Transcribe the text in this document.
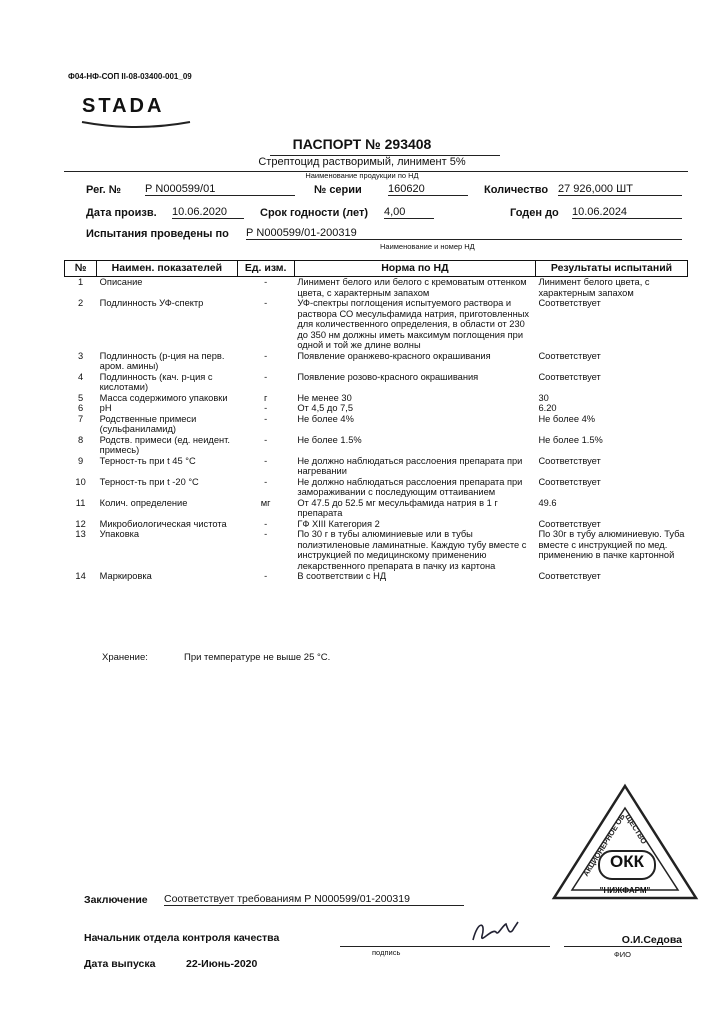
Ф04-НФ-СОП II-08-03400-001_09
STADA
ПАСПОРТ № 293408
Стрептоцид растворимый, линимент 5%
Наименование продукции по НД
Рег. № Р N000599/01	№ серии 160620	Количество 27 926,000 ШТ
Дата произв. 10.06.2020	Срок годности (лет) 4,00	Годен до 10.06.2024
Испытания проведены по Р N000599/01-200319
Наименование и номер НД
№	Наимен. показателей	Ед. изм.	Норма по НД	Результаты испытаний
1	Описание	-	Линимент белого или белого с кремоватым оттенком цвета, с характерным запахом	Линимент белого цвета, с характерным запахом
2	Подлинность УФ-спектр	-	УФ-спектры поглощения испытуемого раствора и раствора СО месульфамида натрия, приготовленных для количественного определения, в области от 230 до 350 нм должны иметь максимум поглощения при одной и той же длине волны	Соответствует
3	Подлинность (р-ция на перв. аром. амины)	-	Появление оранжево-красного окрашивания	Соответствует
4	Подлинность (кач. р-ция с кислотами)	-	Появление розово-красного окрашивания	Соответствует
5	Масса содержимого упаковки	г	Не менее 30	30
6	pH	-	От 4,5 до 7,5	6.20
7	Родственные примеси (сульфаниламид)	-	Не более 4%	Не более 4%
8	Родств. примеси (ед. неидент. примесь)	-	Не более 1.5%	Не более 1.5%
9	Терност-ть при t 45 °С	-	Не должно наблюдаться расслоения препарата при нагревании	Соответствует
10	Терност-ть при t -20 °С	-	Не должно наблюдаться расслоения препарата при замораживании с последующим оттаиванием	Соответствует
11	Колич. определение	мг	От 47.5 до 52.5 мг месульфамида натрия в 1 г препарата	49.6
12	Микробиологическая чистота	-	ГФ XIII Категория 2	Соответствует
13	Упаковка	-	По 30 г в тубы алюминиевые или в тубы полиэтиленовые ламинатные. Каждую тубу вместе с инструкцией по медицинскому применению лекарственного препарата в пачку из картона	По 30г в тубу алюминиевую. Туба вместе с инструкцией по мед. применению в пачке картонной
14	Маркировка	-	В соответствии с НД	Соответствует
Хранение:	При температуре не выше 25 °С.
АКЦИОНЕРНОЕ ОБЩЕСТВО
ОКК
"НИЖФАРМ"
Заключение Соответствует требованиям Р N000599/01-200319
Начальник отдела контроля качества
подпись
О.И.Седова
ФИО
Дата выпуска	22-Июнь-2020
